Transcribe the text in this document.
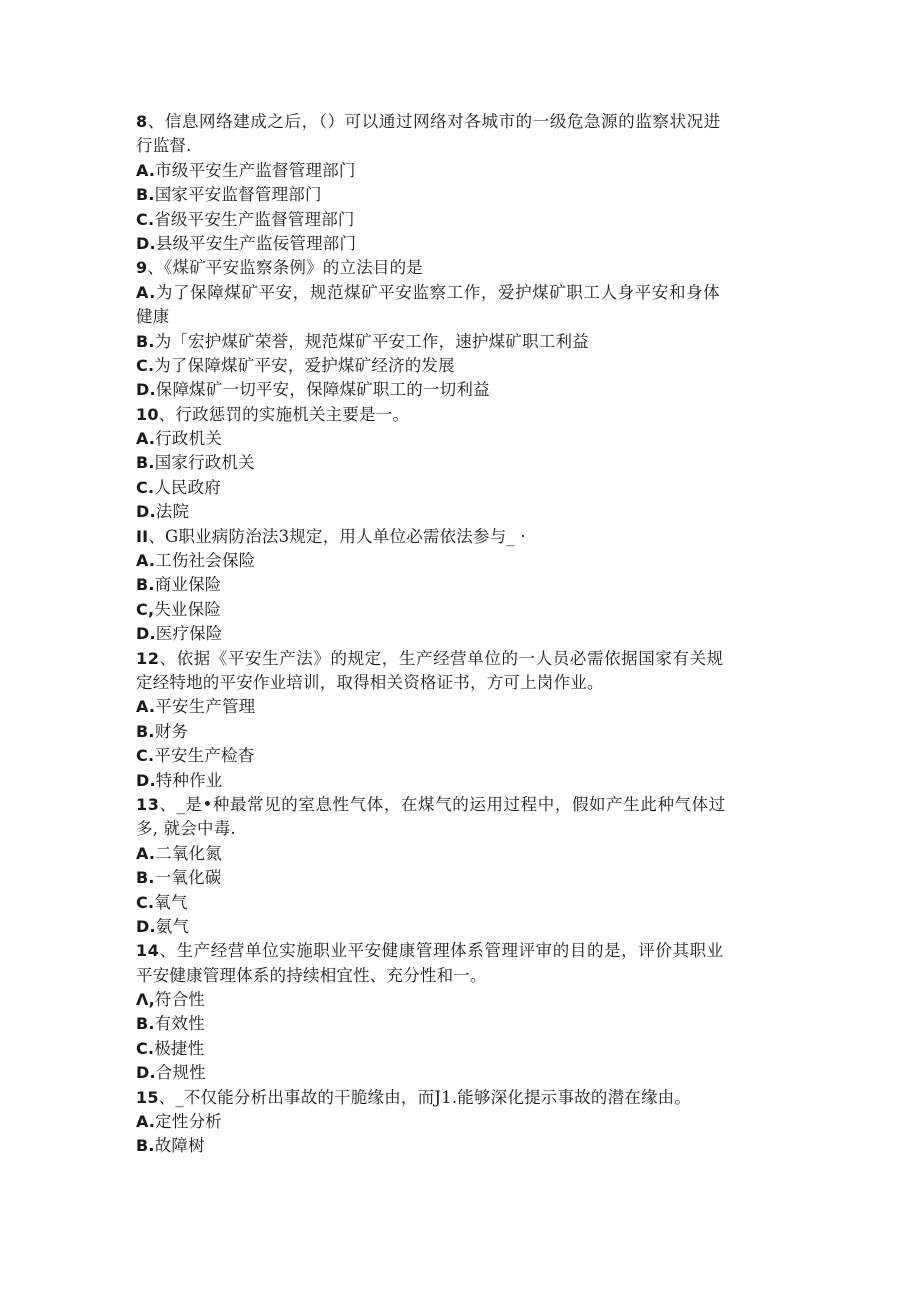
8、信息网络建成之后，（）可以通过网络对各城市的一级危急源的监察状况进
行监督.
A.市级平安生产监督管理部门
B.国家平安监督管理部门
C.省级平安生产监督管理部门
D.县级平安生产监佞管理部门
9、《煤矿平安监察条例》的立法目的是
A.为了保障煤矿平安，规范煤矿平安监察工作，爱护煤矿职工人身平安和身体
健康
B.为「宏护煤矿荣誉，规范煤矿平安工作，速护煤矿职工利益
C.为了保障煤矿平安，爱护煤矿经济的发展
D.保障煤矿一切平安，保障煤矿职工的一切利益
10、行政惩罚的实施机关主要是一。
A.行政机关
B.国家行政机关
C.人民政府
D.法院
II、G职业病防治法3规定，用人单位必需依法参与_ ·
A.工伤社会保险
B.商业保险
C,失业保险
D.医疗保险
12、依据《平安生产法》的规定，生产经营单位的一人员必需依据国家有关规
定经特地的平安作业培训，取得相关资格证书，方可上岗作业。
A.平安生产管理
B.财务
C.平安生产检杳
D.特种作业
13、_是•种最常见的室息性气体，在煤气的运用过程中，假如产生此种气体过
多, 就会中毒.
A.二氧化氮
B.一氧化碳
C.氧气
D.氨气
14、生产经营单位实施职业平安健康管理体系管理评审的目的是，评价其职业
平安健康管理体系的持续相宜性、充分性和一。
Λ,符合性
B.有效性
C.极捷性
D.合规性
15、_不仅能分析出事故的干脆缘由，而J1.能够深化提示事故的潜在缘由。
A.定性分析
B.故障树
